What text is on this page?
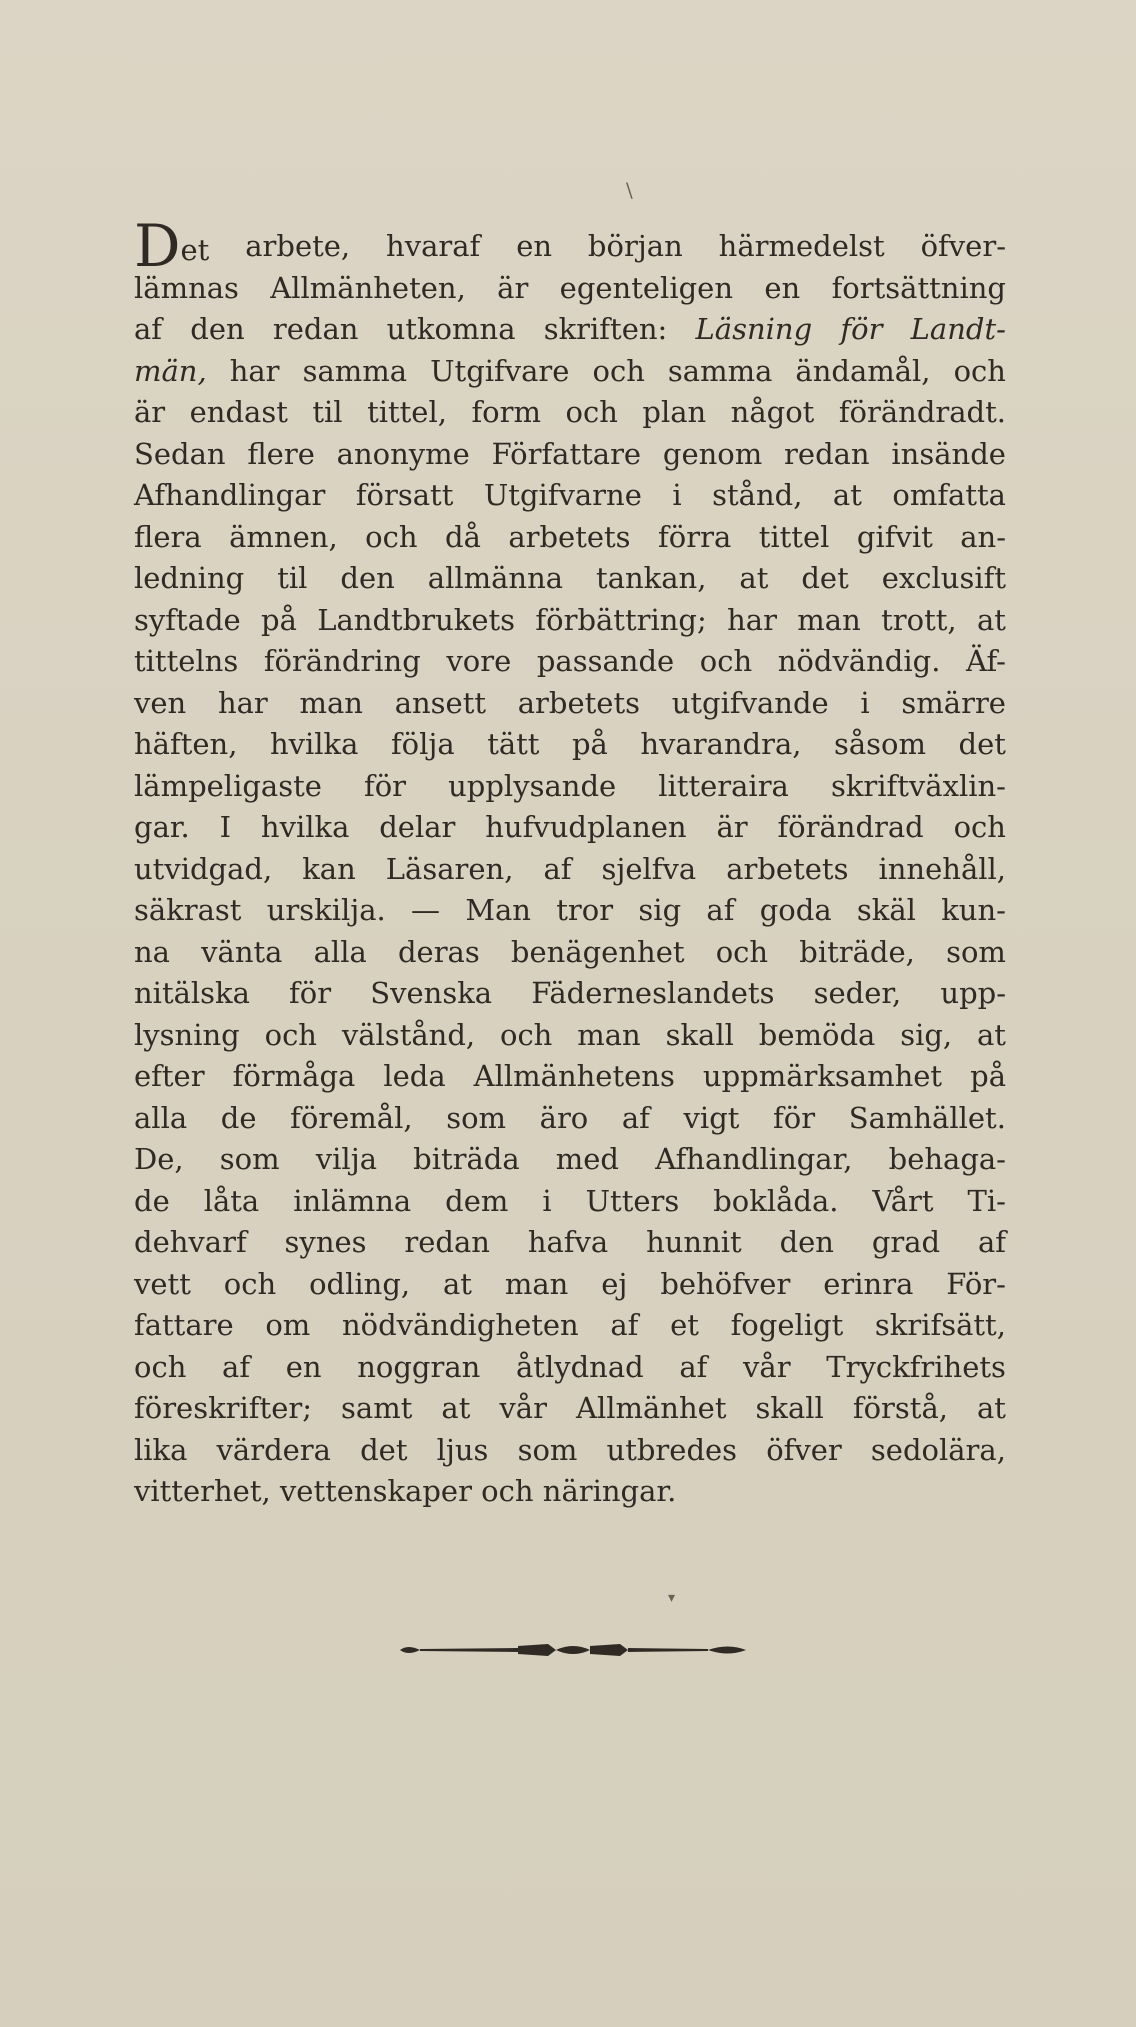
\
▾
Det arbete, hvaraf en början härmedelst öfver-
lämnas Allmänheten, är egenteligen en fortsättning
af den redan utkomna skriften: Läsning för Landt-
män, har samma Utgifvare och samma ändamål, och
är endast til tittel, form och plan något förändradt.
Sedan flere anonyme Författare genom redan insände
Afhandlingar försatt Utgifvarne i stånd, at omfatta
flera ämnen, och då arbetets förra tittel gifvit an-
ledning til den allmänna tankan, at det exclusift
syftade på Landtbrukets förbättring; har man trott, at
tittelns förändring vore passande och nödvändig. Äf-
ven har man ansett arbetets utgifvande i smärre
häften, hvilka följa tätt på hvarandra, såsom det
lämpeligaste för upplysande litteraira skriftväxlin-
gar. I hvilka delar hufvudplanen är förändrad och
utvidgad, kan Läsaren, af sjelfva arbetets innehåll,
säkrast urskilja. — Man tror sig af goda skäl kun-
na vänta alla deras benägenhet och biträde, som
nitälska för Svenska Fäderneslandets seder, upp-
lysning och välstånd, och man skall bemöda sig, at
efter förmåga leda Allmänhetens uppmärksamhet på
alla de föremål, som äro af vigt för Samhället.
De, som vilja biträda med Afhandlingar, behaga-
de låta inlämna dem i Utters boklåda. Vårt Ti-
dehvarf synes redan hafva hunnit den grad af
vett och odling, at man ej behöfver erinra För-
fattare om nödvändigheten af et fogeligt skrifsätt,
och af en noggran åtlydnad af vår Tryckfrihets
föreskrifter; samt at vår Allmänhet skall förstå, at
lika värdera det ljus som utbredes öfver sedolära,
vitterhet, vettenskaper och näringar.
